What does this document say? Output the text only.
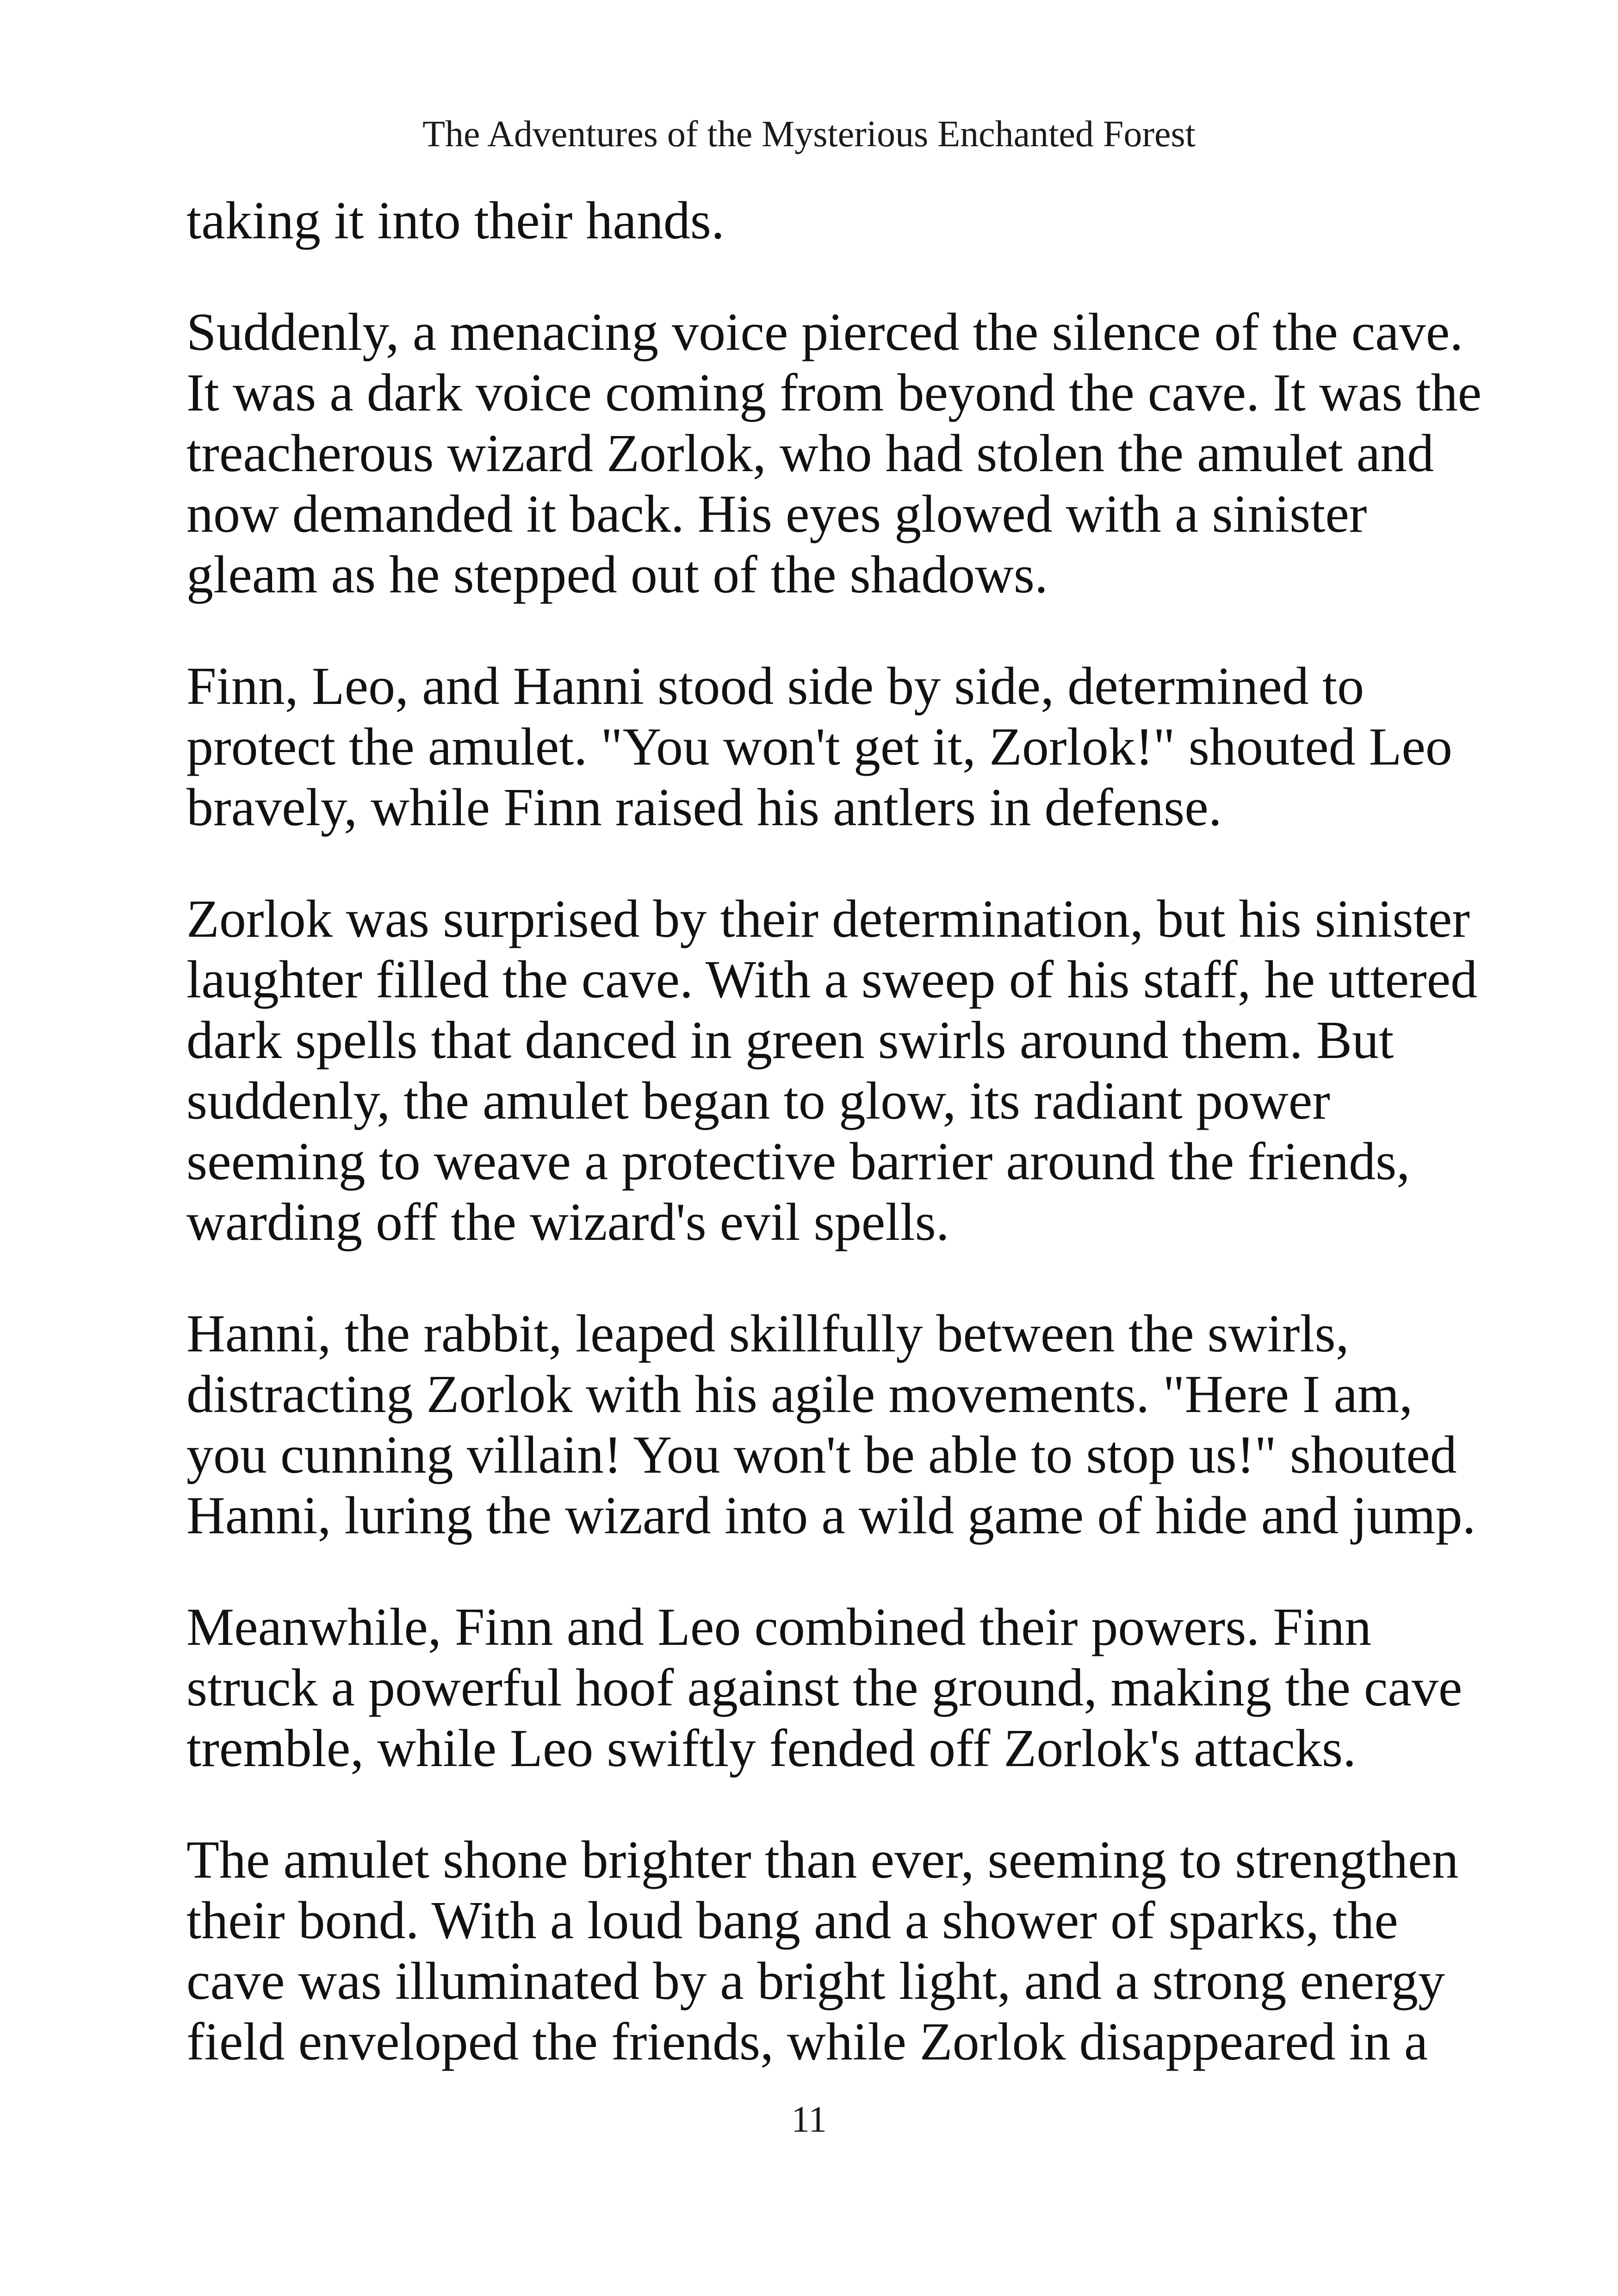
The Adventures of the Mysterious Enchanted Forest

taking it into their hands.

Suddenly, a menacing voice pierced the silence of the cave.
It was a dark voice coming from beyond the cave. It was the
treacherous wizard Zorlok, who had stolen the amulet and
now demanded it back. His eyes glowed with a sinister
gleam as he stepped out of the shadows.

Finn, Leo, and Hanni stood side by side, determined to
protect the amulet. "You won't get it, Zorlok!" shouted Leo
bravely, while Finn raised his antlers in defense.

Zorlok was surprised by their determination, but his sinister
laughter filled the cave. With a sweep of his staff, he uttered
dark spells that danced in green swirls around them. But
suddenly, the amulet began to glow, its radiant power
seeming to weave a protective barrier around the friends,
warding off the wizard's evil spells.

Hanni, the rabbit, leaped skillfully between the swirls,
distracting Zorlok with his agile movements. "Here I am,
you cunning villain! You won't be able to stop us!" shouted
Hanni, luring the wizard into a wild game of hide and jump.

Meanwhile, Finn and Leo combined their powers. Finn
struck a powerful hoof against the ground, making the cave
tremble, while Leo swiftly fended off Zorlok's attacks.

The amulet shone brighter than ever, seeming to strengthen
their bond. With a loud bang and a shower of sparks, the
cave was illuminated by a bright light, and a strong energy
field enveloped the friends, while Zorlok disappeared in a

11
